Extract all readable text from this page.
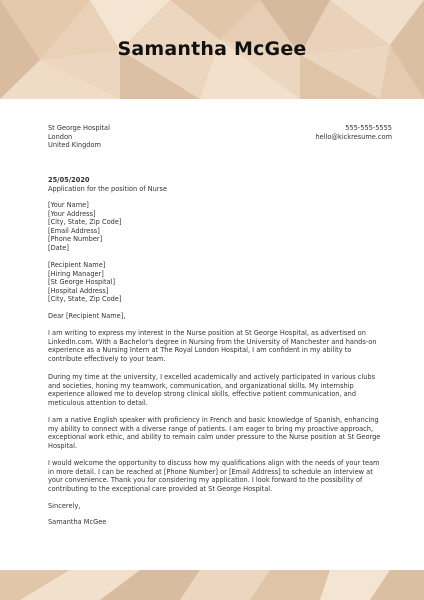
Samantha McGee
St George Hospital
London
United Kingdom
555-555-5555
hello@kickresume.com
25/05/2020
Application for the position of Nurse
[Your Name]
[Your Address]
[City, State, Zip Code]
[Email Address]
[Phone Number]
[Date]
[Recipient Name]
[Hiring Manager]
[St George Hospital]
[Hospital Address]
[City, State, Zip Code]
Dear [Recipient Name],
I am writing to express my interest in the Nurse position at St George Hospital, as advertised on
LinkedIn.com. With a Bachelor's degree in Nursing from the University of Manchester and hands-on
experience as a Nursing Intern at The Royal London Hospital, I am confident in my ability to
contribute effectively to your team.
During my time at the university, I excelled academically and actively participated in various clubs
and societies, honing my teamwork, communication, and organizational skills. My internship
experience allowed me to develop strong clinical skills, effective patient communication, and
meticulous attention to detail.
I am a native English speaker with proficiency in French and basic knowledge of Spanish, enhancing
my ability to connect with a diverse range of patients. I am eager to bring my proactive approach,
exceptional work ethic, and ability to remain calm under pressure to the Nurse position at St George
Hospital.
I would welcome the opportunity to discuss how my qualifications align with the needs of your team
in more detail. I can be reached at [Phone Number] or [Email Address] to schedule an interview at
your convenience. Thank you for considering my application. I look forward to the possibility of
contributing to the exceptional care provided at St George Hospital.
Sincerely,
Samantha McGee
